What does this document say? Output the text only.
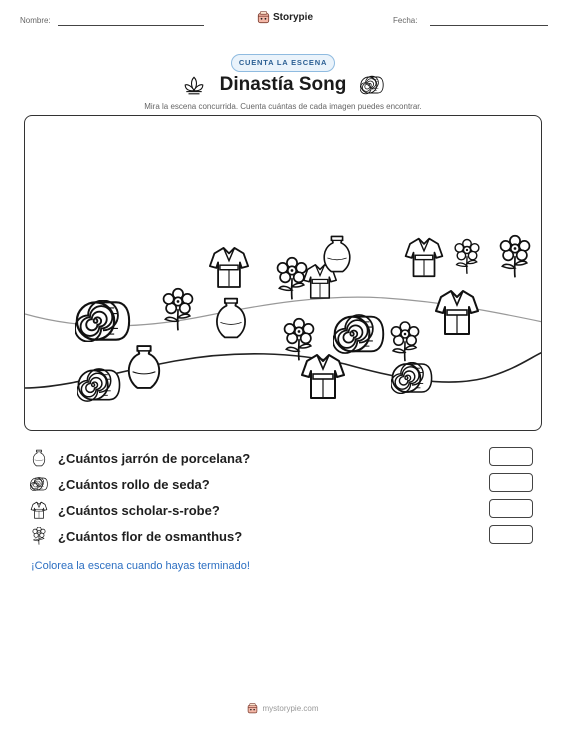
Nombre:	Storypie	Fecha:
CUENTA LA ESCENA
Dinastía Song
Mira la escena concurrida. Cuenta cuántas de cada imagen puedes encontrar.
¿Cuántos jarrón de porcelana?
¿Cuántos rollo de seda?
¿Cuántos scholar-s-robe?
¿Cuántos flor de osmanthus?
¡Colorea la escena cuando hayas terminado!
mystorypie.com
